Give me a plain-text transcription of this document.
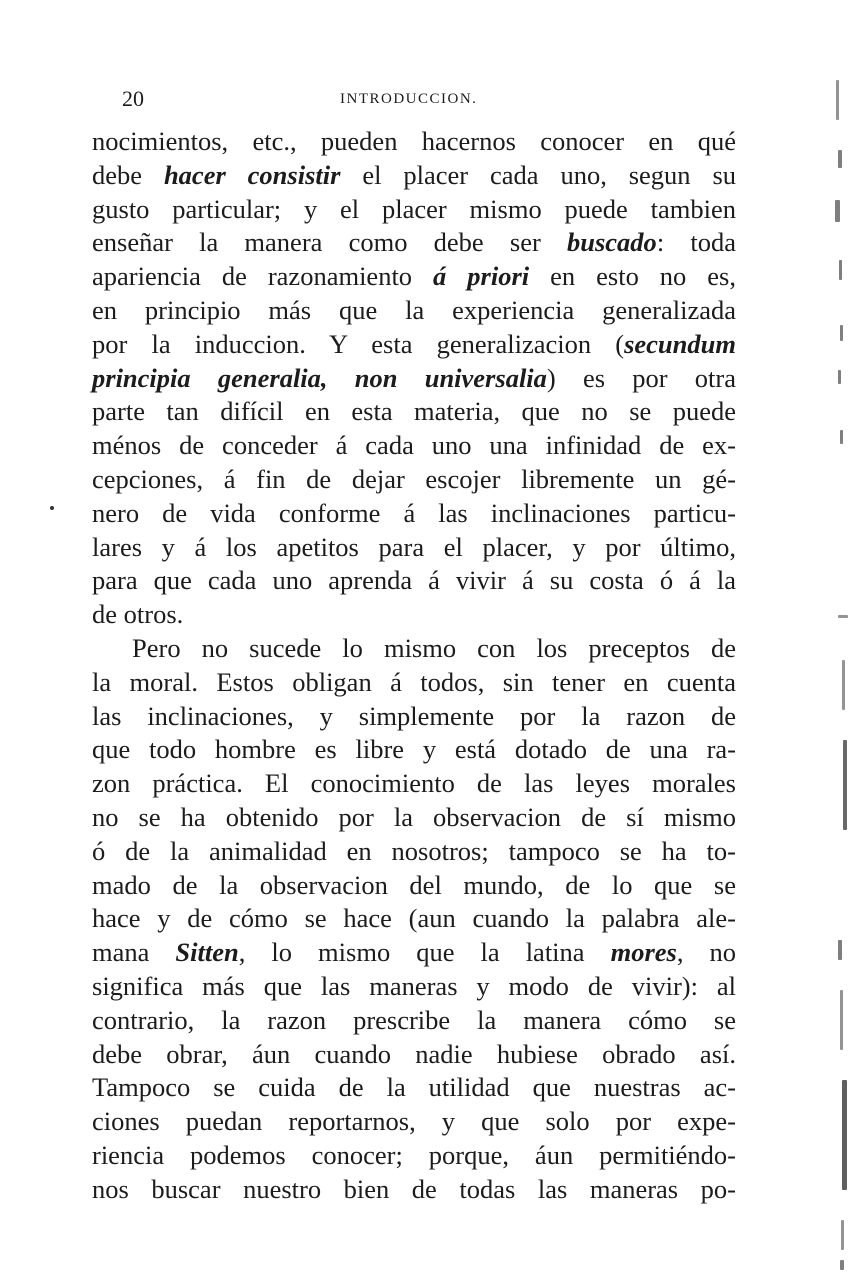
20	INTRODUCCION.
nocimientos, etc., pueden hacernos conocer en qué
debe hacer consistir el placer cada uno, segun su
gusto particular; y el placer mismo puede tambien
enseñar la manera como debe ser buscado: toda
apariencia de razonamiento á priori en esto no es,
en principio más que la experiencia generalizada
por la induccion. Y esta generalizacion (secundum
principia generalia, non universalia) es por otra
parte tan difícil en esta materia, que no se puede
ménos de conceder á cada uno una infinidad de ex-
cepciones, á fin de dejar escojer libremente un gé-
nero de vida conforme á las inclinaciones particu-
lares y á los apetitos para el placer, y por último,
para que cada uno aprenda á vivir á su costa ó á la
de otros.
Pero no sucede lo mismo con los preceptos de
la moral. Estos obligan á todos, sin tener en cuenta
las inclinaciones, y simplemente por la razon de
que todo hombre es libre y está dotado de una ra-
zon práctica. El conocimiento de las leyes morales
no se ha obtenido por la observacion de sí mismo
ó de la animalidad en nosotros; tampoco se ha to-
mado de la observacion del mundo, de lo que se
hace y de cómo se hace (aun cuando la palabra ale-
mana Sitten, lo mismo que la latina mores, no
significa más que las maneras y modo de vivir): al
contrario, la razon prescribe la manera cómo se
debe obrar, áun cuando nadie hubiese obrado así.
Tampoco se cuida de la utilidad que nuestras ac-
ciones puedan reportarnos, y que solo por expe-
riencia podemos conocer; porque, áun permitiéndo-
nos buscar nuestro bien de todas las maneras po-
